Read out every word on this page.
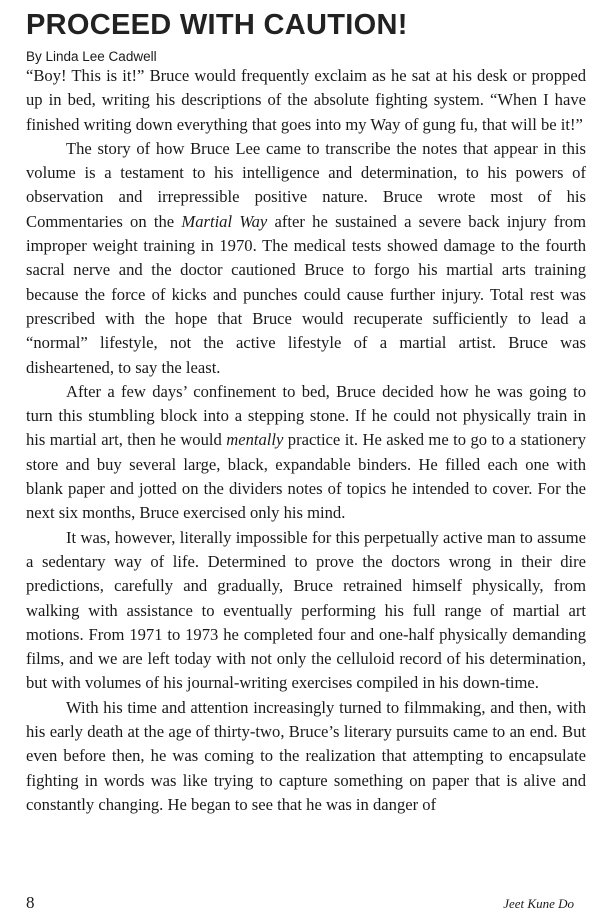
PROCEED WITH CAUTION!
By Linda Lee Cadwell

“Boy! This is it!” Bruce would frequently exclaim as he sat at his desk or propped up in bed, writing his descriptions of the absolute fighting system. “When I have finished writing down everything that goes into my Way of gung fu, that will be it!”

The story of how Bruce Lee came to transcribe the notes that appear in this volume is a testament to his intelligence and determination, to his powers of observation and irrepressible positive nature. Bruce wrote most of his Commentaries on the Martial Way after he sustained a severe back injury from improper weight training in 1970. The medical tests showed damage to the fourth sacral nerve and the doctor cautioned Bruce to forgo his martial arts training because the force of kicks and punches could cause further injury. Total rest was prescribed with the hope that Bruce would recuperate sufficiently to lead a “normal” lifestyle, not the active lifestyle of a martial artist. Bruce was disheartened, to say the least.

After a few days’ confinement to bed, Bruce decided how he was going to turn this stumbling block into a stepping stone. If he could not physically train in his martial art, then he would mentally practice it. He asked me to go to a stationery store and buy several large, black, expandable binders. He filled each one with blank paper and jotted on the dividers notes of topics he intended to cover. For the next six months, Bruce exercised only his mind.

It was, however, literally impossible for this perpetually active man to assume a sedentary way of life. Determined to prove the doctors wrong in their dire predictions, carefully and gradually, Bruce retrained himself physically, from walking with assistance to eventually performing his full range of martial art motions. From 1971 to 1973 he completed four and one-half physically demanding films, and we are left today with not only the celluloid record of his determination, but with volumes of his journal-writing exercises compiled in his down-time.

With his time and attention increasingly turned to filmmaking, and then, with his early death at the age of thirty-two, Bruce’s literary pursuits came to an end. But even before then, he was coming to the realization that attempting to encapsulate fighting in words was like trying to capture something on paper that is alive and constantly changing. He began to see that he was in danger of

8	Jeet Kune Do
